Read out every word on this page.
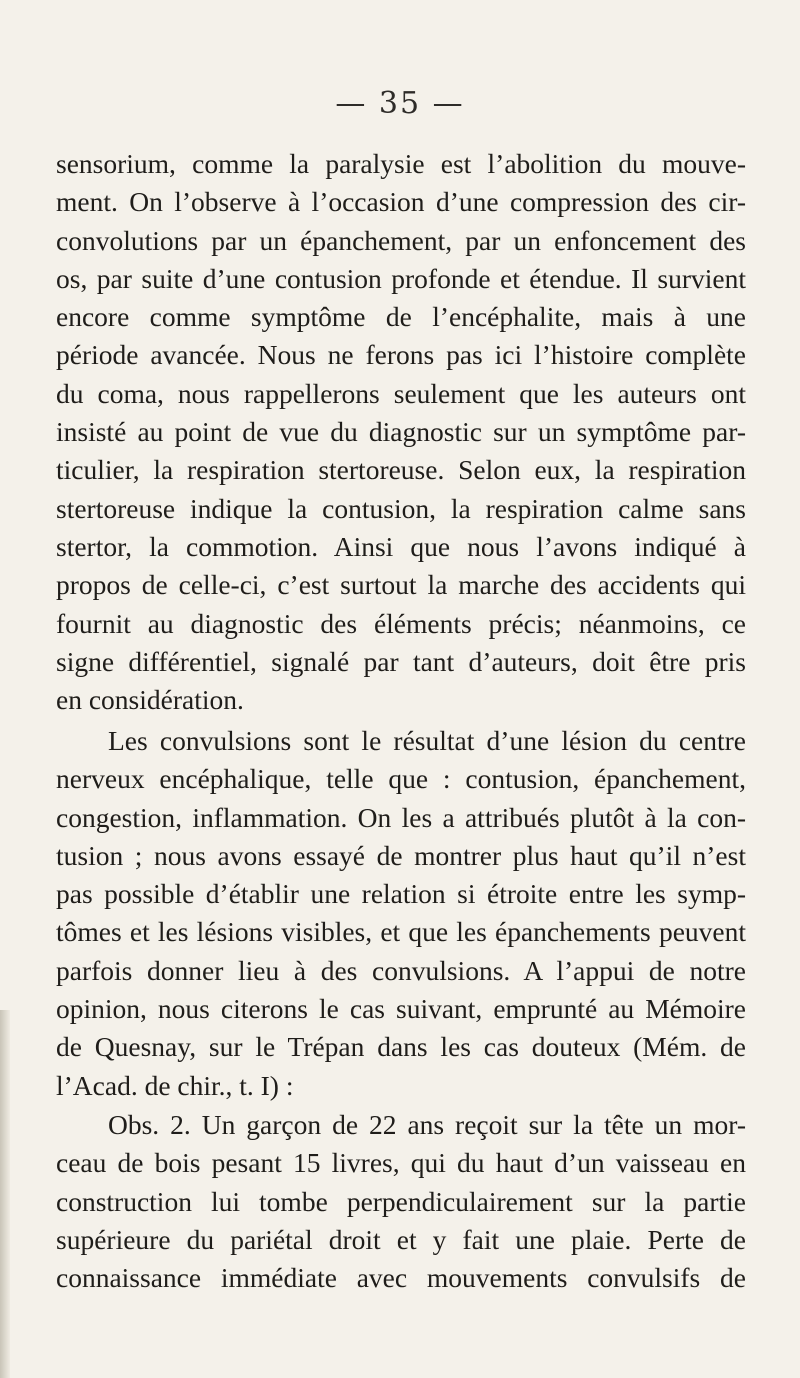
— 35 —
sensorium, comme la paralysie est l’abolition du mouve-
ment. On l’observe à l’occasion d’une compression des cir-
convolutions par un épanchement, par un enfoncement des
os, par suite d’une contusion profonde et étendue. Il survient
encore comme symptôme de l’encéphalite, mais à une
période avancée. Nous ne ferons pas ici l’histoire complète
du coma, nous rappellerons seulement que les auteurs ont
insisté au point de vue du diagnostic sur un symptôme par-
ticulier, la respiration stertoreuse. Selon eux, la respiration
stertoreuse indique la contusion, la respiration calme sans
stertor, la commotion. Ainsi que nous l’avons indiqué à
propos de celle-ci, c’est surtout la marche des accidents qui
fournit au diagnostic des éléments précis; néanmoins, ce
signe différentiel, signalé par tant d’auteurs, doit être pris
en considération.
Les convulsions sont le résultat d’une lésion du centre
nerveux encéphalique, telle que : contusion, épanchement,
congestion, inflammation. On les a attribués plutôt à la con-
tusion ; nous avons essayé de montrer plus haut qu’il n’est
pas possible d’établir une relation si étroite entre les symp-
tômes et les lésions visibles, et que les épanchements peuvent
parfois donner lieu à des convulsions. A l’appui de notre
opinion, nous citerons le cas suivant, emprunté au Mémoire
de Quesnay, sur le Trépan dans les cas douteux (Mém. de
l’Acad. de chir., t. I) :
Obs. 2. Un garçon de 22 ans reçoit sur la tête un mor-
ceau de bois pesant 15 livres, qui du haut d’un vaisseau en
construction lui tombe perpendiculairement sur la partie
supérieure du pariétal droit et y fait une plaie. Perte de
connaissance immédiate avec mouvements convulsifs de
